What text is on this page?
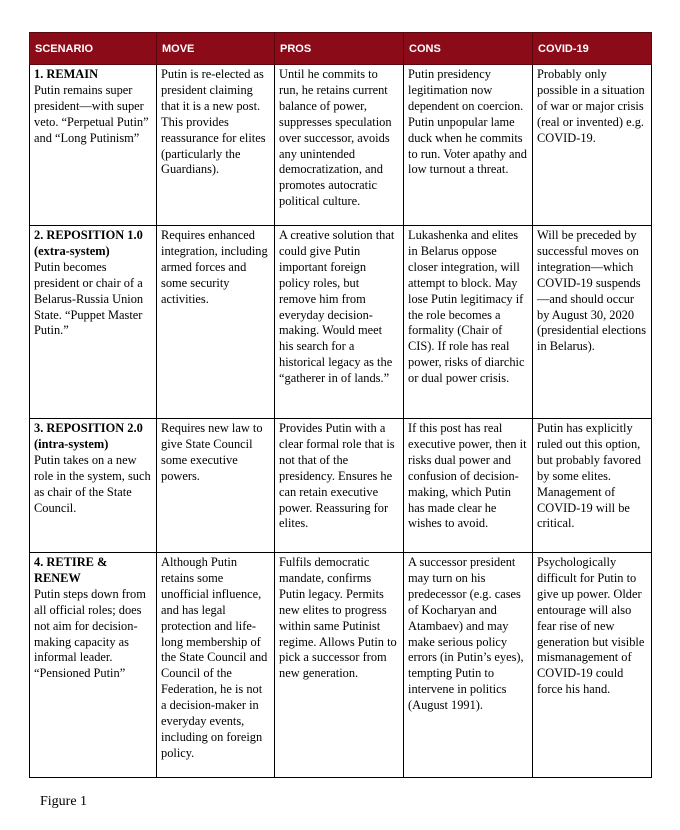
SCENARIO	MOVE	PROS	CONS	COVID-19

1. REMAIN
Putin remains super president—with super veto. “Perpetual Putin” and “Long Putinism”	Putin is re-elected as president claiming that it is a new post. This provides reassurance for elites (particularly the Guardians).	Until he commits to run, he retains current balance of power, suppresses speculation over successor, avoids any unintended democratization, and promotes autocratic political culture.	Putin presidency legitimation now dependent on coercion. Putin unpopular lame duck when he commits to run. Voter apathy and low turnout a threat.	Probably only possible in a situation of war or major crisis (real or invented) e.g. COVID-19.

2. REPOSITION 1.0 (extra-system)
Putin becomes president or chair of a Belarus-Russia Union State. “Puppet Master Putin.”	Requires enhanced integration, including armed forces and some security activities.	A creative solution that could give Putin important foreign policy roles, but remove him from everyday decision-making. Would meet his search for a historical legacy as the “gatherer in of lands.”	Lukashenka and elites in Belarus oppose closer integration, will attempt to block. May lose Putin legitimacy if the role becomes a formality (Chair of CIS). If role has real power, risks of diarchic or dual power crisis.	Will be preceded by successful moves on integration—which COVID-19 suspends—and should occur by August 30, 2020 (presidential elections in Belarus).

3. REPOSITION 2.0 (intra-system)
Putin takes on a new role in the system, such as chair of the State Council.	Requires new law to give State Council some executive powers.	Provides Putin with a clear formal role that is not that of the presidency. Ensures he can retain executive power. Reassuring for elites.	If this post has real executive power, then it risks dual power and confusion of decision-making, which Putin has made clear he wishes to avoid.	Putin has explicitly ruled out this option, but probably favored by some elites. Management of COVID-19 will be critical.

4. RETIRE & RENEW
Putin steps down from all official roles; does not aim for decision-making capacity as informal leader. “Pensioned Putin”	Although Putin retains some unofficial influence, and has legal protection and life-long membership of the State Council and Council of the Federation, he is not a decision-maker in everyday events, including on foreign policy.	Fulfils democratic mandate, confirms Putin legacy. Permits new elites to progress within same Putinist regime. Allows Putin to pick a successor from new generation.	A successor president may turn on his predecessor (e.g. cases of Kocharyan and Atambaev) and may make serious policy errors (in Putin’s eyes), tempting Putin to intervene in politics (August 1991).	Psychologically difficult for Putin to give up power. Older entourage will also fear rise of new generation but visible mismanagement of COVID-19 could force his hand.
Figure 1
